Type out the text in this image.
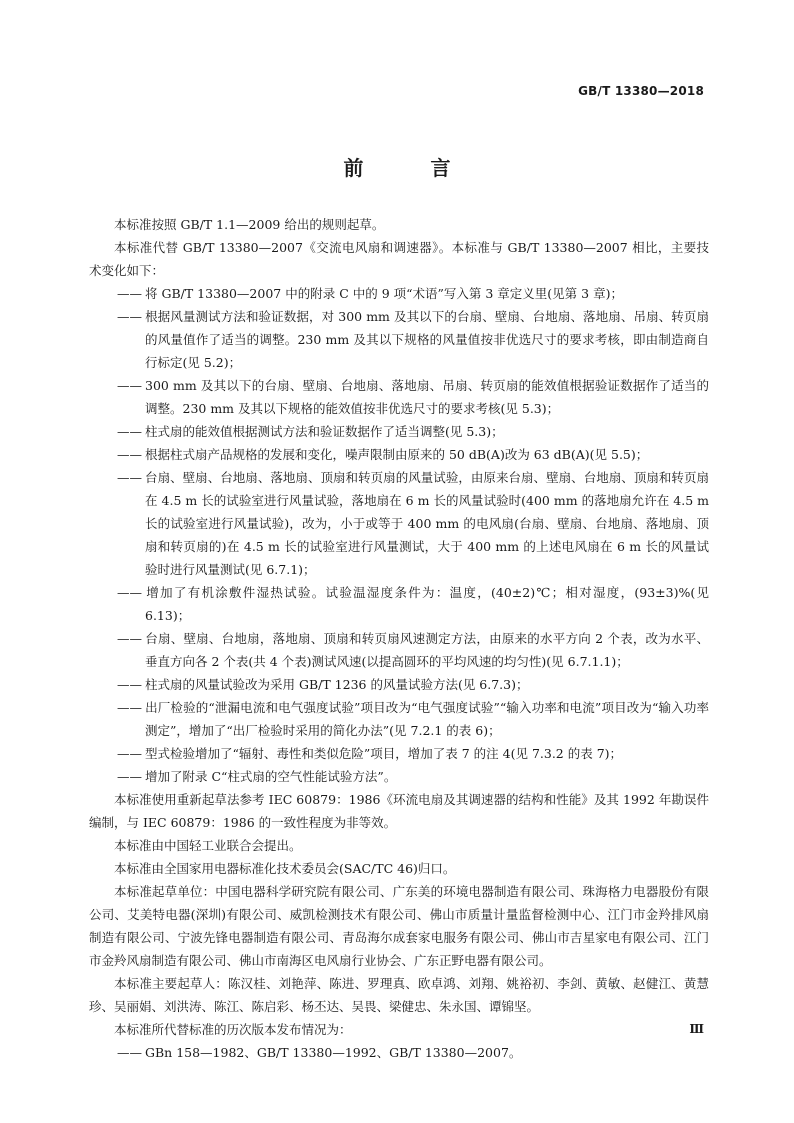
GB/T 13380—2018
前 言

本标准按照 GB/T 1.1—2009 给出的规则起草。

本标准代替 GB/T 13380—2007《交流电风扇和调速器》。本标准与 GB/T 13380—2007 相比，主要技术变化如下：

—— 将 GB/T 13380—2007 中的附录 C 中的 9 项“术语”写入第 3 章定义里(见第 3 章)；

—— 根据风量测试方法和验证数据，对 300 mm 及其以下的台扇、壁扇、台地扇、落地扇、吊扇、转页扇的风量值作了适当的调整。230 mm 及其以下规格的风量值按非优选尺寸的要求考核，即由制造商自行标定(见 5.2)；

—— 300 mm 及其以下的台扇、壁扇、台地扇、落地扇、吊扇、转页扇的能效值根据验证数据作了适当的调整。230 mm 及其以下规格的能效值按非优选尺寸的要求考核(见 5.3)；

—— 柱式扇的能效值根据测试方法和验证数据作了适当调整(见 5.3)；

—— 根据柱式扇产品规格的发展和变化，噪声限制由原来的 50 dB(A)改为 63 dB(A)(见 5.5)；

—— 台扇、壁扇、台地扇、落地扇、顶扇和转页扇的风量试验，由原来台扇、壁扇、台地扇、顶扇和转页扇在 4.5 m 长的试验室进行风量试验，落地扇在 6 m 长的风量试验时(400 mm 的落地扇允许在 4.5 m 长的试验室进行风量试验)，改为，小于或等于 400 mm 的电风扇(台扇、壁扇、台地扇、落地扇、顶扇和转页扇的)在 4.5 m 长的试验室进行风量测试，大于 400 mm 的上述电风扇在 6 m 长的风量试验时进行风量测试(见 6.7.1)；

—— 增加了有机涂敷件湿热试验。试验温湿度条件为：温度，(40±2)℃；相对湿度，(93±3)%(见 6.13)；

—— 台扇、壁扇、台地扇，落地扇、顶扇和转页扇风速测定方法，由原来的水平方向 2 个表，改为水平、垂直方向各 2 个表(共 4 个表)测试风速(以提高圆环的平均风速的均匀性)(见 6.7.1.1)；

—— 柱式扇的风量试验改为采用 GB/T 1236 的风量试验方法(见 6.7.3)；

—— 出厂检验的“泄漏电流和电气强度试验”项目改为“电气强度试验”“输入功率和电流”项目改为“输入功率测定”，增加了“出厂检验时采用的简化办法”(见 7.2.1 的表 6)；

—— 型式检验增加了“辐射、毒性和类似危险”项目，增加了表 7 的注 4(见 7.3.2 的表 7)；

—— 增加了附录 C“柱式扇的空气性能试验方法”。

本标准使用重新起草法参考 IEC 60879：1986《环流电扇及其调速器的结构和性能》及其 1992 年勘误件编制，与 IEC 60879：1986 的一致性程度为非等效。

本标准由中国轻工业联合会提出。

本标准由全国家用电器标准化技术委员会(SAC/TC 46)归口。

本标准起草单位：中国电器科学研究院有限公司、广东美的环境电器制造有限公司、珠海格力电器股份有限公司、艾美特电器(深圳)有限公司、威凯检测技术有限公司、佛山市质量计量监督检测中心、江门市金羚排风扇制造有限公司、宁波先锋电器制造有限公司、青岛海尔成套家电服务有限公司、佛山市吉星家电有限公司、江门市金羚风扇制造有限公司、佛山市南海区电风扇行业协会、广东正野电器有限公司。

本标准主要起草人：陈汉桂、刘艳萍、陈进、罗理真、欧卓鸿、刘翔、姚裕初、李剑、黄敏、赵健江、黄慧珍、吴丽娟、刘洪涛、陈江、陈启彩、杨丕达、吴畏、梁健忠、朱永国、谭锦坚。

本标准所代替标准的历次版本发布情况为：

—— GBn 158—1982、GB/T 13380—1992、GB/T 13380—2007。

Ⅲ
